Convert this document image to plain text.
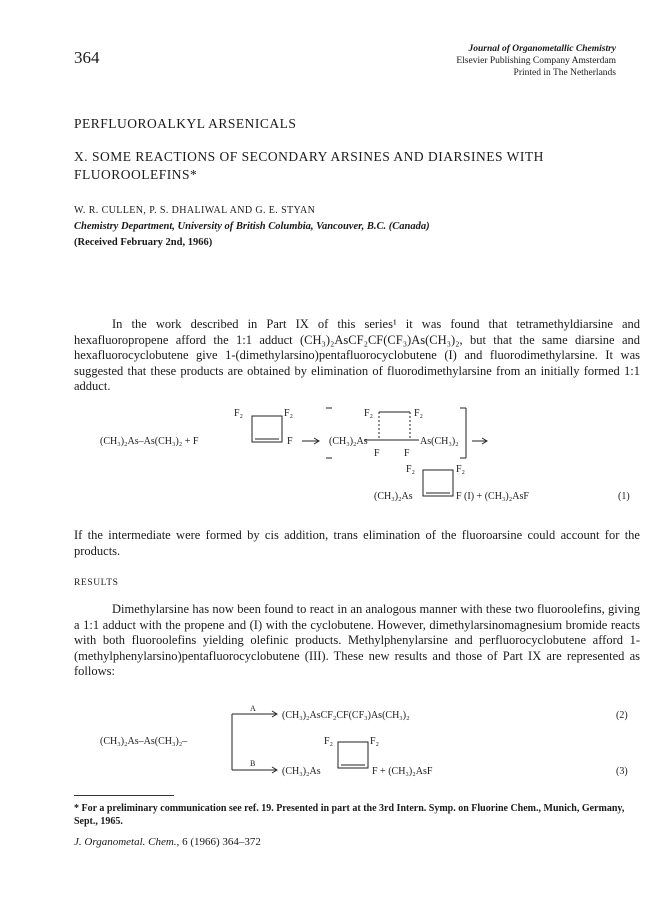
364	Journal of Organometallic Chemistry
Elsevier Publishing Company Amsterdam
Printed in The Netherlands
PERFLUOROALKYL ARSENICALS
X. SOME REACTIONS OF SECONDARY ARSINES AND DIARSINES WITH FLUOROOLEFINS*
W. R. CULLEN, P. S. DHALIWAL AND G. E. STYAN
Chemistry Department, University of British Columbia, Vancouver, B.C. (Canada)
(Received February 2nd, 1966)
In the work described in Part IX of this series¹ it was found that tetramethyldiarsine and hexafluoropropene afford the 1:1 adduct (CH₃)₂AsCF₂CF(CF₃)As(CH₃)₂, but that the same diarsine and hexafluorocyclobutene give 1-(dimethylarsino)pentafluorocyclobutene (I) and fluorodimethylarsine. It was suggested that these products are obtained by elimination of fluorodimethylarsine from an initially formed 1:1 adduct.
(CH₃)₂As–As(CH₃)₂ + F
F₂	F₂
F	(CH₃)₂As
F₂	F₂
As(CH₃)₂
F F
F₂	F₂
(CH₃)₂As	F (I) + (CH₃)₂AsF	(1)
If the intermediate were formed by cis addition, trans elimination of the fluoroarsine could account for the products.
RESULTS
Dimethylarsine has now been found to react in an analogous manner with these two fluoroolefins, giving a 1:1 adduct with the propene and (I) with the cyclobutene. However, dimethylarsinomagnesium bromide reacts with both fluoroolefins yielding olefinic products. Methylphenylarsine and perfluorocyclobutene afford 1-(methylphenylarsino)pentafluorocyclobutene (III). These new results and those of Part IX are represented as follows:
(CH₃)₂As–As(CH₃)₂–
A
(CH₃)₂AsCF₂CF(CF₃)As(CH₃)₂	(2)
B
F₂	F₂
(CH₃)₂As	F + (CH₃)₂AsF	(3)
* For a preliminary communication see ref. 19. Presented in part at the 3rd Intern. Symp. on Fluorine Chem., Munich, Germany, Sept., 1965.
J. Organometal. Chem., 6 (1966) 364–372
